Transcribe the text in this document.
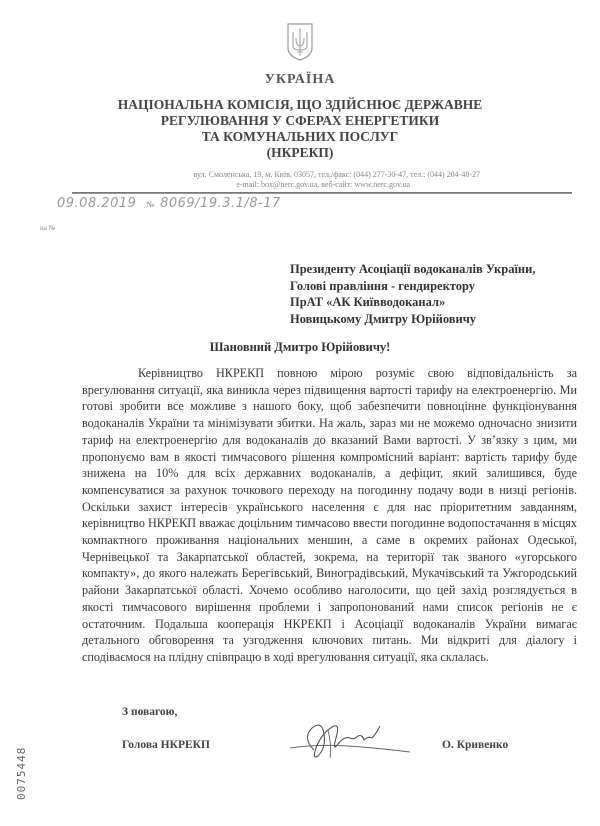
УКРАЇНА
НАЦІОНАЛЬНА КОМІСІЯ, ЩО ЗДІЙСНЮЄ ДЕРЖАВНЕ
РЕГУЛЮВАННЯ У СФЕРАХ ЕНЕРГЕТИКИ
ТА КОМУНАЛЬНИХ ПОСЛУГ
(НКРЕКП)
вул. Смоленська, 19, м. Київ, 03057, тел./факс: (044) 277-30-47, тел.: (044) 204-48-27

e-mail: box@nerc.gov.ua, веб-сайт: www.nerc.gov.ua
09.08.2019 № 8069/19.3.1/8-17
на №
Президенту Асоціації водоканалів України,
Голові правління - гендиректору
ПрАТ «АК Київводоканал»
Новицькому Дмитру Юрійовичу
Шановний Дмитро Юрійовичу!
Керівництво НКРЕКП повною мірою розуміє свою відповідальність за врегулювання ситуації, яка виникла через підвищення вартості тарифу на електроенергію. Ми готові зробити все можливе з нашого боку, щоб забезпечити повноцінне функціонування водоканалів України та мінімізувати збитки. На жаль, зараз ми не можемо одночасно знизити тариф на електроенергію для водоканалів до вказаний Вами вартості. У зв’язку з цим, ми пропонуємо вам в якості тимчасового рішення компромісний варіант: вартість тарифу буде знижена на 10% для всіх державних водоканалів, а дефіцит, який залишився, буде компенсуватися за рахунок точкового переходу на погодинну подачу води в низці регіонів. Оскільки захист інтересів українського населення є для нас пріоритетним завданням, керівництво НКРЕКП вважає доцільним тимчасово ввести погодинне водопостачання в місцях компактного проживання національних меншин, а саме в окремих районах Одеської, Чернівецької та Закарпатської областей, зокрема, на території так званого «угорського компакту», до якого належать Берегівський, Виноградівський, Мукачівський та Ужгородський райони Закарпатської області. Хочемо особливо наголосити, що цей захід розглядується в якості тимчасового вирішення проблеми і запропонований нами список регіонів не є остаточним. Подальша кооперація НКРЕКП і Асоціації водоканалів України вимагає детального обговорення та узгодження ключових питань. Ми відкриті для діалогу і сподіваємося на плідну співпрацю в ході врегулювання ситуації, яка склалась.
З повагою,
Голова НКРЕКП	О. Кривенко
0075448
